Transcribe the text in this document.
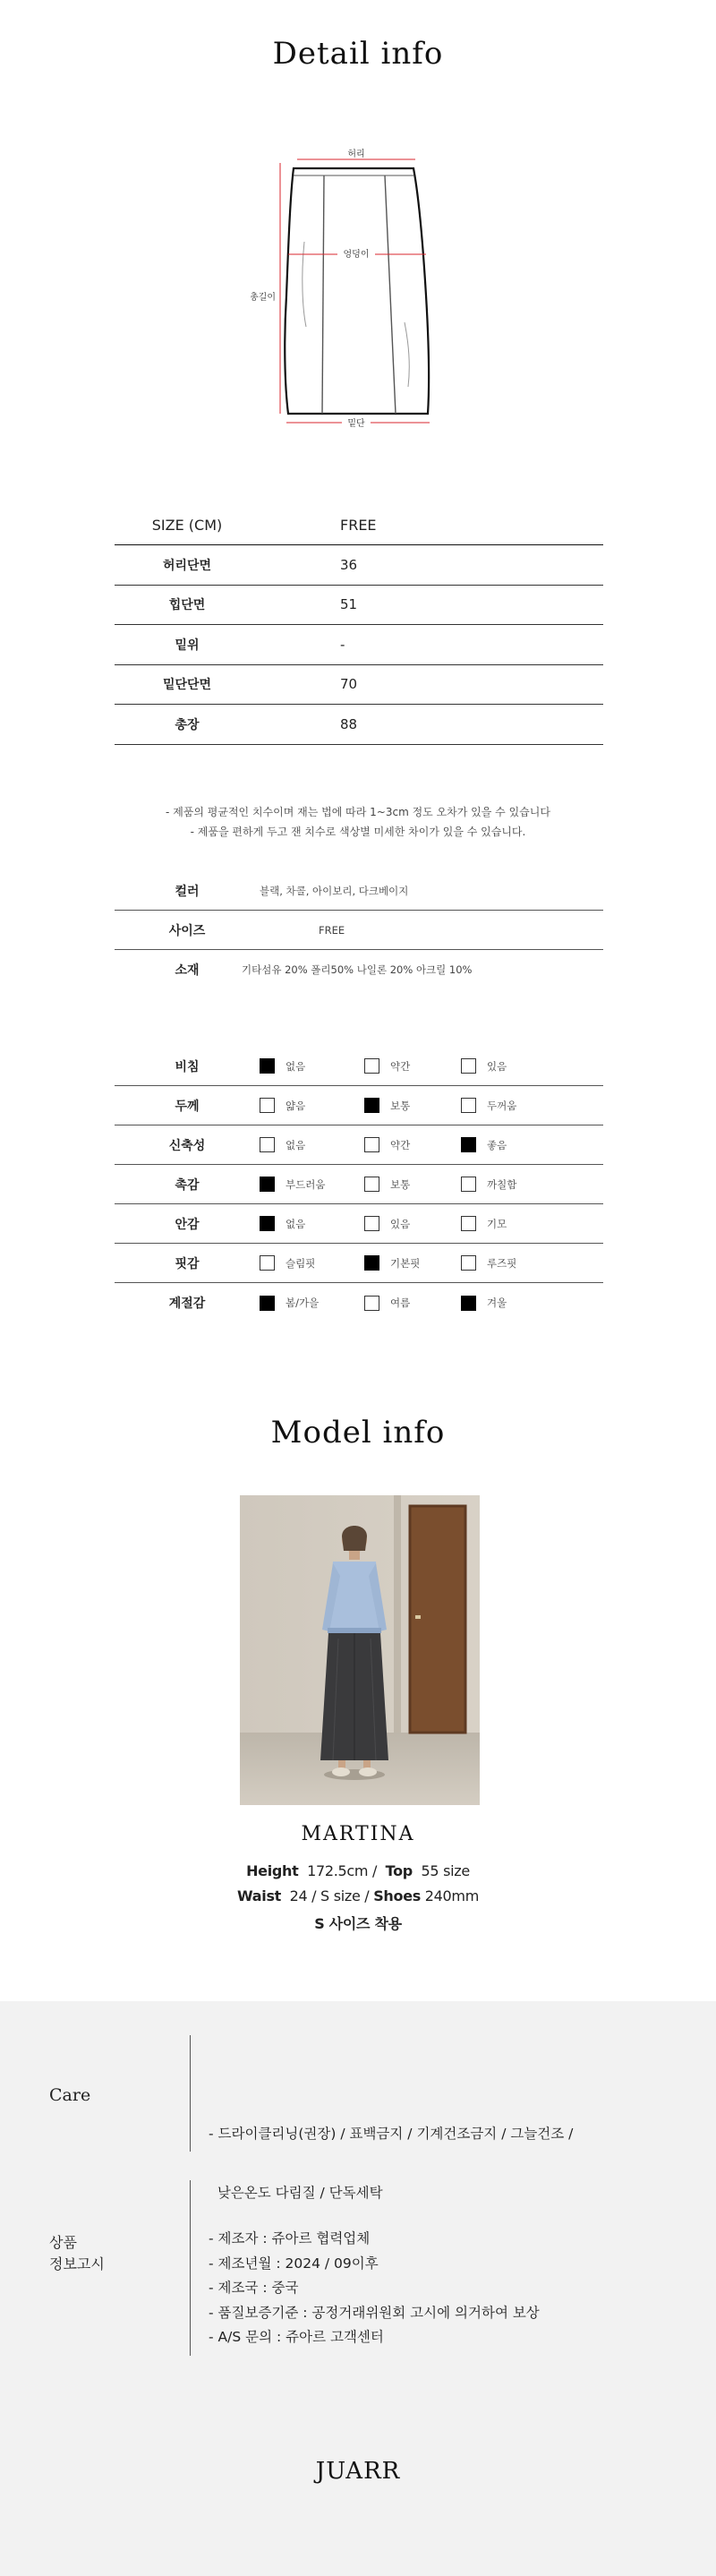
Detail info
허리
엉덩이
총길이
밑단
SIZE (CM)	FREE
허리단면	36
힙단면	51
밑위	-
밑단단면	70
총장	88
- 제품의 평균적인 치수이며 재는 법에 따라 1~3cm 정도 오차가 있을 수 있습니다
- 제품을 편하게 두고 잰 치수로 색상별 미세한 차이가 있을 수 있습니다.
컬러	블랙, 차콜, 아이보리, 다크베이지
사이즈	FREE
소재	기타섬유 20% 폴리50% 나일론 20% 아크릴 10%
비침	없음	약간	있음
두께	얇음	보통	두꺼움
신축성	없음	약간	좋음
촉감	부드러움	보통	까칠함
안감	없음	있음	기모
핏감	슬림핏	기본핏	루즈핏
계절감	봄/가을	여름	겨울
Model info
MARTINA
Height 172.5cm /  Top 55 size
Waist 24 / S size / Shoes 240mm
S 사이즈 착용
Care

- 드라이클리닝(권장) / 표백금지 / 기계건조금지 / 그늘건조 /

낮은온도 다림질 / 단독세탁

상품
정보고시
- 제조자 : 쥬아르 협력업체
- 제조년월 : 2024 / 09이후
- 제조국 : 중국
- 품질보증기준 : 공정거래위원회 고시에 의거하여 보상
- A/S 문의 : 쥬아르 고객센터
JUARR
